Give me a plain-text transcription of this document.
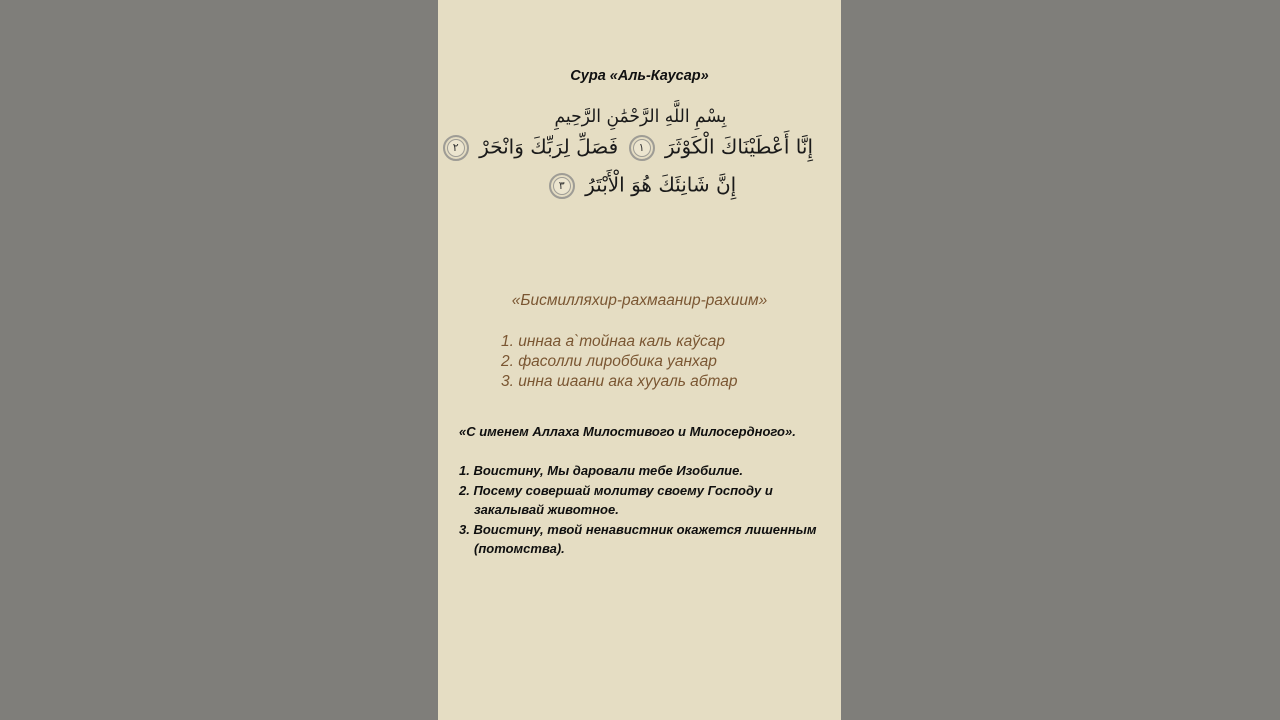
Сура «Аль-Каусар»
بِسْمِ اللَّهِ الرَّحْمَٰنِ الرَّحِيمِ
إِنَّا أَعْطَيْنَاكَ الْكَوْثَرَ ١ فَصَلِّ لِرَبِّكَ وَانْحَرْ ٢
إِنَّ شَانِئَكَ هُوَ الْأَبْتَرُ ٣
«Бисмилляхир-рахмаанир-рахиим»
1. иннаа а`тойнаа каль каўсар
2. фасолли лироббика уанхар
3. инна шаани ака хууаль абтар
«С именем Аллаха Милостивого и Милосердного».
1. Воистину, Мы даровали тебе Изобилие.
2. Посему совершай молитву своему Господу и закалывай животное.
3. Воистину, твой ненавистник окажется лишенным (потомства).
